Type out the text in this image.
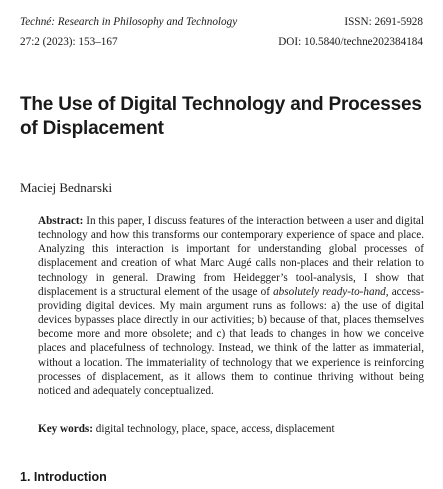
Techné: Research in Philosophy and Technology	ISSN: 2691-5928
27:2 (2023): 153–167	DOI: 10.5840/techne202384184
The Use of Digital Technology and Processes of Displacement
Maciej Bednarski

Abstract: In this paper, I discuss features of the interaction between a user and digital technology and how this transforms our contemporary experience of space and place. Analyzing this interaction is important for understanding global processes of displacement and creation of what Marc Augé calls non-places and their relation to technology in general. Drawing from Heidegger’s tool-analysis, I show that displacement is a structural element of the usage of absolutely ready-to-hand, access-providing digital devices. My main argument runs as follows: a) the use of digital devices bypasses place directly in our activities; b) because of that, places themselves become more and more obsolete; and c) that leads to changes in how we conceive places and placefulness of technology. Instead, we think of the latter as immaterial, without a location. The immateriality of technology that we experience is reinforcing processes of displacement, as it allows them to continue thriving without being noticed and adequately conceptualized.

Key words: digital technology, place, space, access, displacement
1. Introduction
